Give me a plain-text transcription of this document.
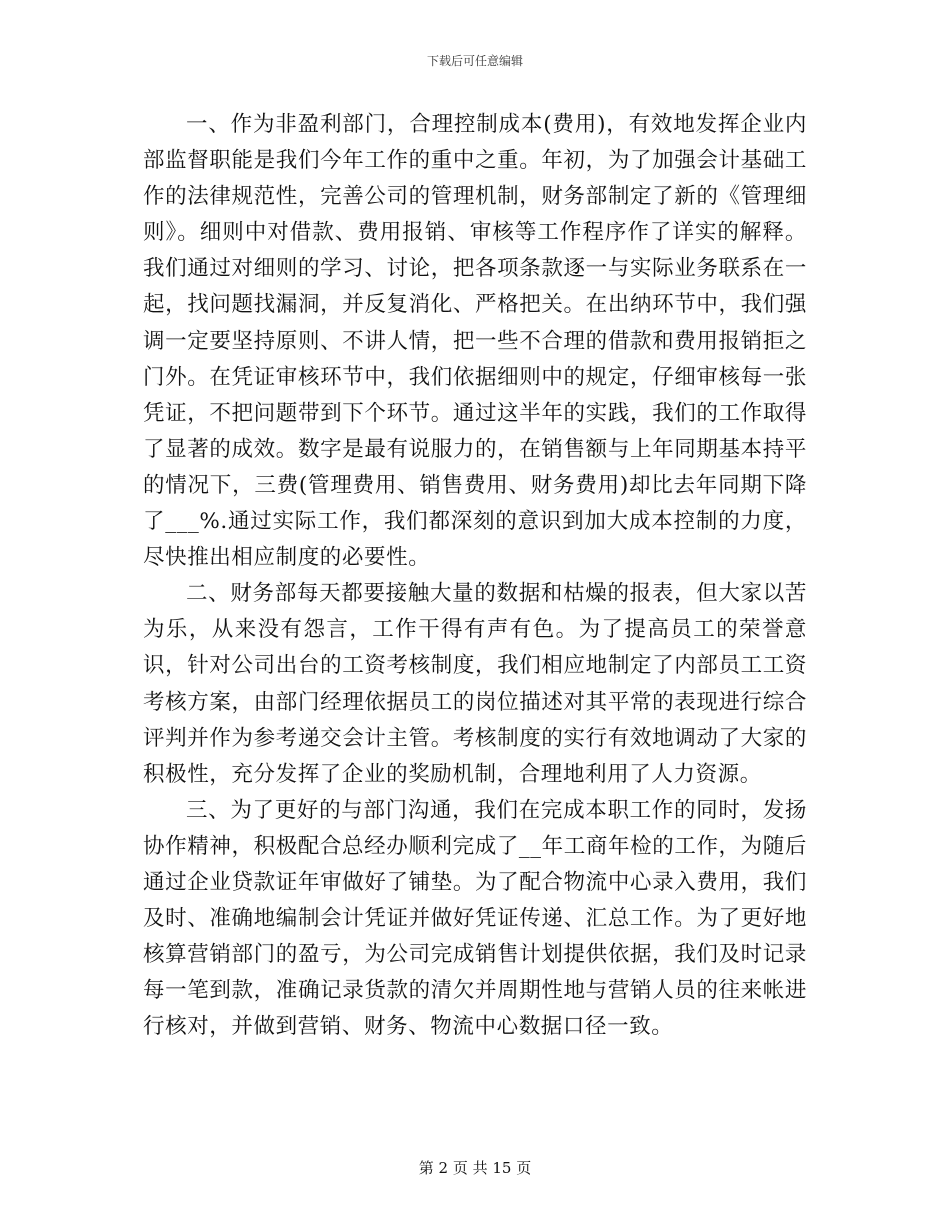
下载后可任意编辑

一、作为非盈利部门，合理控制成本(费用)，有效地发挥企业内部监督职能是我们今年工作的重中之重。年初，为了加强会计基础工作的法律规范性，完善公司的管理机制，财务部制定了新的《管理细则》。细则中对借款、费用报销、审核等工作程序作了详实的解释。我们通过对细则的学习、讨论，把各项条款逐一与实际业务联系在一起，找问题找漏洞，并反复消化、严格把关。在出纳环节中，我们强调一定要坚持原则、不讲人情，把一些不合理的借款和费用报销拒之门外。在凭证审核环节中，我们依据细则中的规定，仔细审核每一张凭证，不把问题带到下个环节。通过这半年的实践，我们的工作取得了显著的成效。数字是最有说服力的，在销售额与上年同期基本持平的情况下，三费(管理费用、销售费用、财务费用)却比去年同期下降了___%.通过实际工作，我们都深刻的意识到加大成本控制的力度，尽快推出相应制度的必要性。

二、财务部每天都要接触大量的数据和枯燥的报表，但大家以苦为乐，从来没有怨言，工作干得有声有色。为了提高员工的荣誉意识，针对公司出台的工资考核制度，我们相应地制定了内部员工工资考核方案，由部门经理依据员工的岗位描述对其平常的表现进行综合评判并作为参考递交会计主管。考核制度的实行有效地调动了大家的积极性，充分发挥了企业的奖励机制，合理地利用了人力资源。

三、为了更好的与部门沟通，我们在完成本职工作的同时，发扬协作精神，积极配合总经办顺利完成了__年工商年检的工作，为随后通过企业贷款证年审做好了铺垫。为了配合物流中心录入费用，我们及时、准确地编制会计凭证并做好凭证传递、汇总工作。为了更好地核算营销部门的盈亏，为公司完成销售计划提供依据，我们及时记录每一笔到款，准确记录货款的清欠并周期性地与营销人员的往来帐进行核对，并做到营销、财务、物流中心数据口径一致。

第 2 页 共 15 页
